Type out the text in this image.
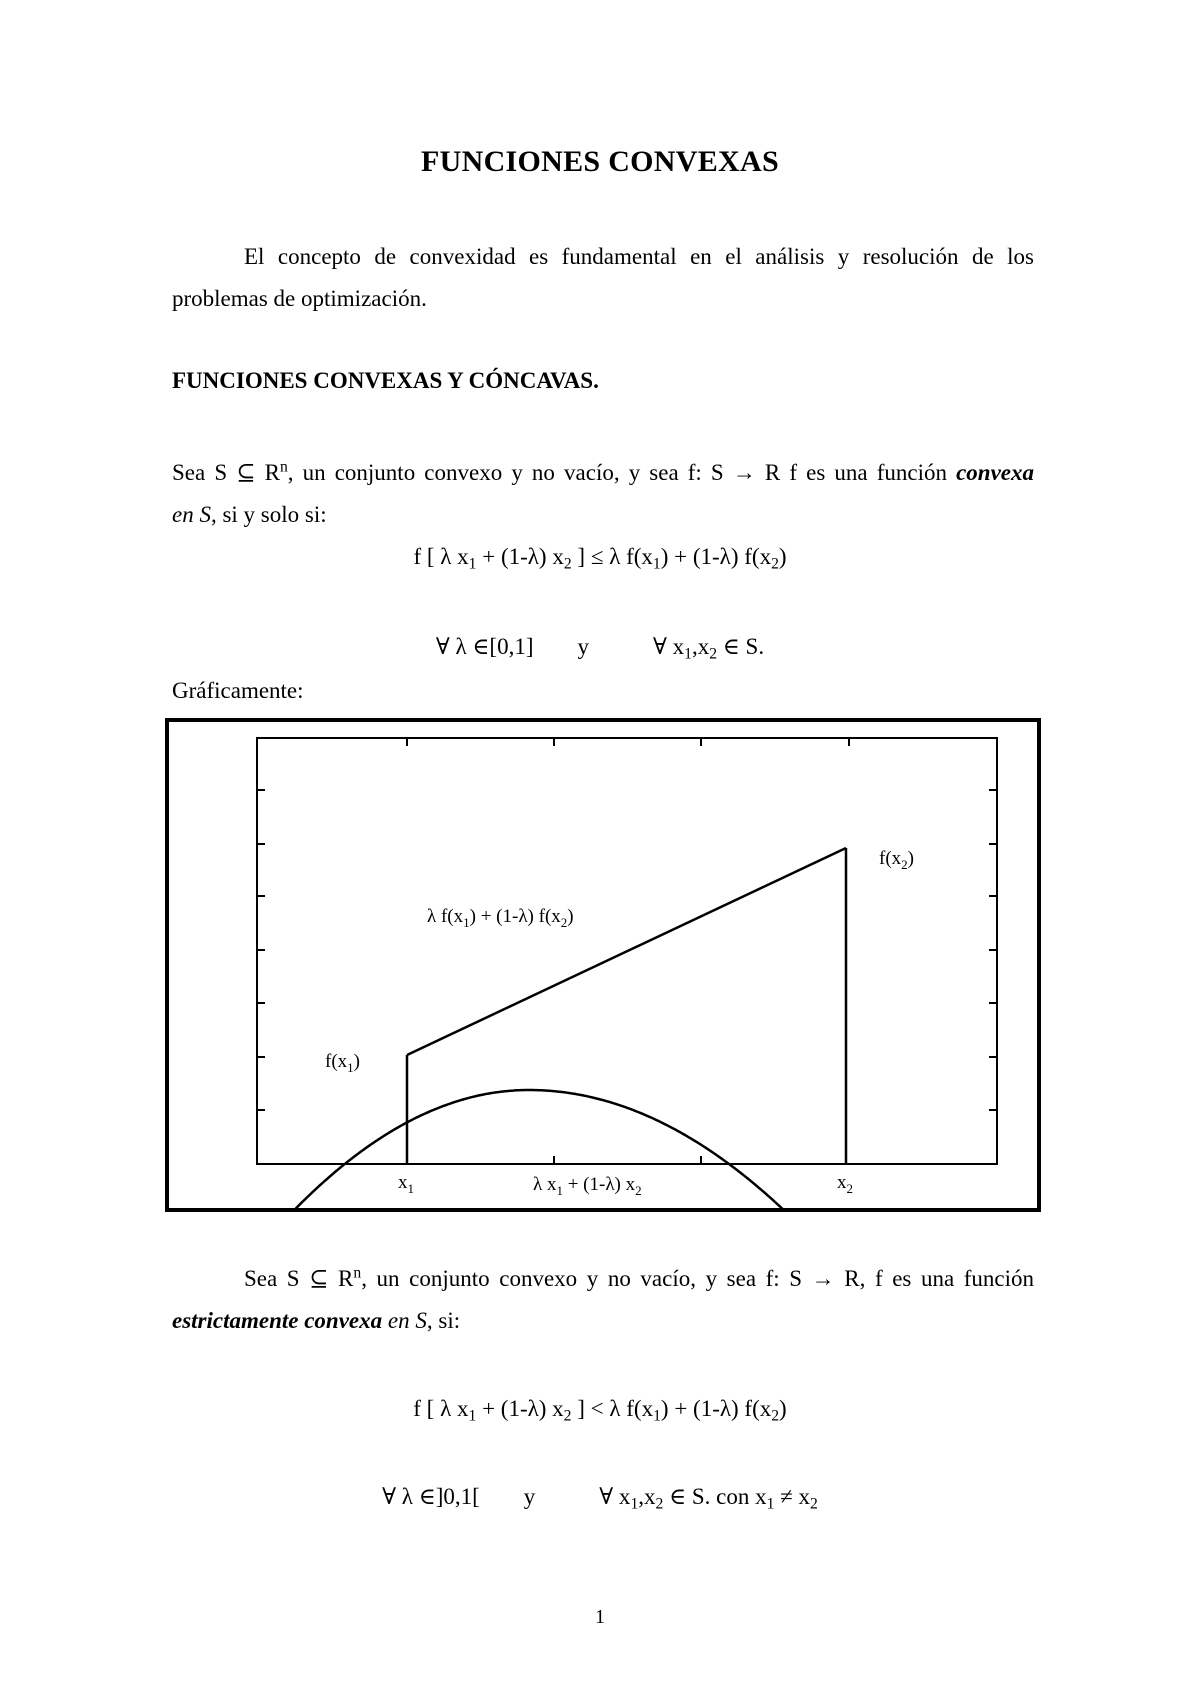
FUNCIONES CONVEXAS
El concepto de convexidad es fundamental en el análisis y resolución de los problemas de optimización.
FUNCIONES CONVEXAS Y CÓNCAVAS.
Sea S ⊆ $R^n$, un conjunto convexo y no vacío, y sea f: S → R f es una función convexa
en S, si y solo si:
f [ λ $x_1 + (1-\lambda)$ $x_2$ ] ≤ λ $f(x_1) + (1-\lambda)$ $f(x_2)$
∀ λ ∈[0,1] y	∀ $x_1,x_2$ ∈ S.
Gráficamente:
$f(x_2)$
λ $f(x_1) + (1-\lambda)$ $f(x_2)$
$f(x_1)$
$x_1$	λ $x_1 + (1-\lambda)$ $x_2$	$x_2$
Sea S ⊆ $R^n$, un conjunto convexo y no vacío, y sea f: S → R, f es una función
estrictamente convexa en S, si:
f [ λ $x_1 + (1-\lambda)$ $x_2$ ] < λ $f(x_1) + (1-\lambda)$ $f(x_2)$
∀ λ ∈]0,1[ y	∀ $x_1,x_2$ ∈ S. con $x_1 \ne x_2$
1
